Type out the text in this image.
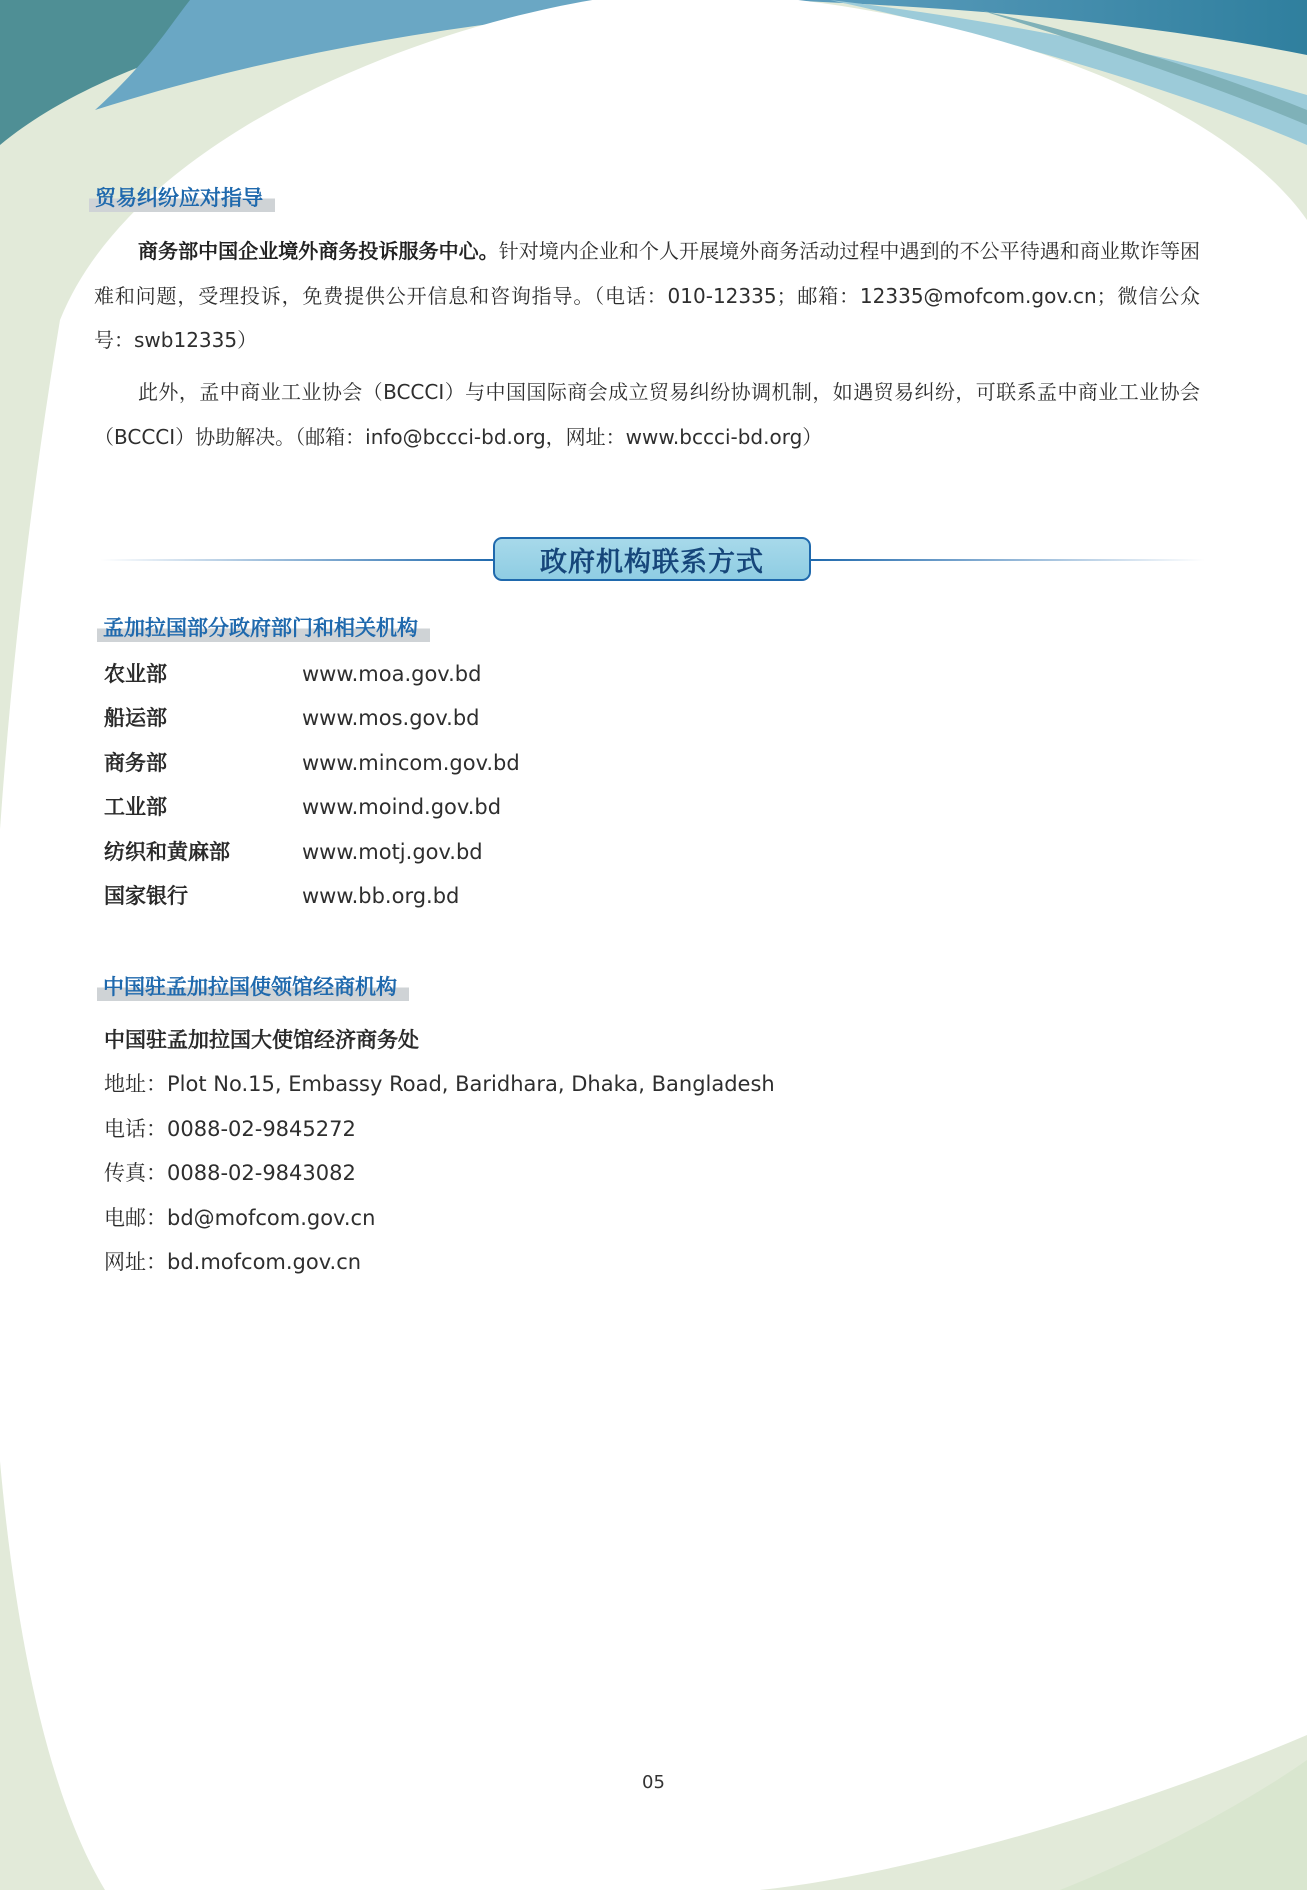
贸易纠纷应对指导

商务部中国企业境外商务投诉服务中心。针对境内企业和个人开展境外商务活动过程中遇到的不公平待遇和商业欺诈等困难和问题，受理投诉，免费提供公开信息和咨询指导。（电话：010-12335；邮箱：12335@mofcom.gov.cn；微信公众号：swb12335）

此外，孟中商业工业协会（BCCCI）与中国国际商会成立贸易纠纷协调机制，如遇贸易纠纷，可联系孟中商业工业协会（BCCCI）协助解决。（邮箱：info@bccci-bd.org，网址：www.bccci-bd.org）

政府机构联系方式
孟加拉国部分政府部门和相关机构
农业部	www.moa.gov.bd
船运部	www.mos.gov.bd
商务部	www.mincom.gov.bd
工业部	www.moind.gov.bd
纺织和黄麻部	www.motj.gov.bd
国家银行	www.bb.org.bd
中国驻孟加拉国使领馆经商机构
中国驻孟加拉国大使馆经济商务处
地址：Plot No.15, Embassy Road, Baridhara, Dhaka, Bangladesh
电话：0088-02-9845272
传真：0088-02-9843082
电邮：bd@mofcom.gov.cn
网址：bd.mofcom.gov.cn
05
